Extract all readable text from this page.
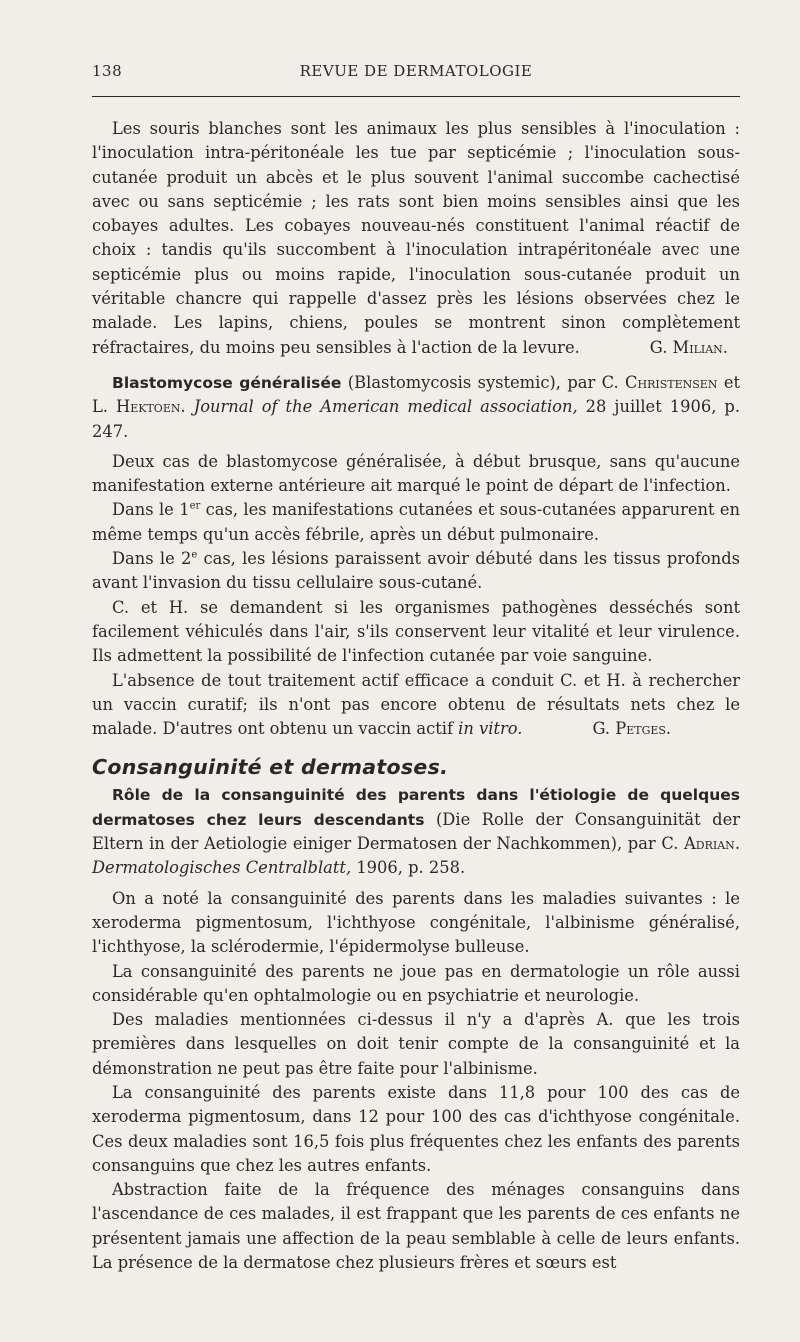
138	REVUE DE DERMATOLOGIE

Les souris blanches sont les animaux les plus sensibles à l'inoculation : l'inoculation intra-péritonéale les tue par septicémie ; l'inoculation sous-cutanée produit un abcès et le plus souvent l'animal succombe cachectisé avec ou sans septicémie ; les rats sont bien moins sensibles ainsi que les cobayes adultes. Les cobayes nouveau-nés constituent l'animal réactif de choix : tandis qu'ils succombent à l'inoculation intrapéritonéale avec une septicémie plus ou moins rapide, l'inoculation sous-cutanée produit un véritable chancre qui rappelle d'assez près les lésions observées chez le malade. Les lapins, chiens, poules se montrent sinon complètement réfractaires, du moins peu sensibles à l'action de la levure.	G. Milian.

Blastomycose généralisée (Blastomycosis systemic), par C. Christensen et L. Hektoen. Journal of the American medical association, 28 juillet 1906, p. 247.

Deux cas de blastomycose généralisée, à début brusque, sans qu'aucune manifestation externe antérieure ait marqué le point de départ de l'infection.

Dans le 1er cas, les manifestations cutanées et sous-cutanées apparurent en même temps qu'un accès fébrile, après un début pulmonaire.

Dans le 2e cas, les lésions paraissent avoir débuté dans les tissus profonds avant l'invasion du tissu cellulaire sous-cutané.

C. et H. se demandent si les organismes pathogènes desséchés sont facilement véhiculés dans l'air, s'ils conservent leur vitalité et leur virulence. Ils admettent la possibilité de l'infection cutanée par voie sanguine.

L'absence de tout traitement actif efficace a conduit C. et H. à rechercher un vaccin curatif; ils n'ont pas encore obtenu de résultats nets chez le malade. D'autres ont obtenu un vaccin actif in vitro.	G. Petges.

Consanguinité et dermatoses.

Rôle de la consanguinité des parents dans l'étiologie de quelques dermatoses chez leurs descendants (Die Rolle der Consanguinität der Eltern in der Aetiologie einiger Dermatosen der Nachkommen), par C. Adrian. Dermatologisches Centralblatt, 1906, p. 258.

On a noté la consanguinité des parents dans les maladies suivantes : le xeroderma pigmentosum, l'ichthyose congénitale, l'albinisme généralisé, l'ichthyose, la sclérodermie, l'épidermolyse bulleuse.

La consanguinité des parents ne joue pas en dermatologie un rôle aussi considérable qu'en ophtalmologie ou en psychiatrie et neurologie.

Des maladies mentionnées ci-dessus il n'y a d'après A. que les trois premières dans lesquelles on doit tenir compte de la consanguinité et la démonstration ne peut pas être faite pour l'albinisme.

La consanguinité des parents existe dans 11,8 pour 100 des cas de xeroderma pigmentosum, dans 12 pour 100 des cas d'ichthyose congénitale. Ces deux maladies sont 16,5 fois plus fréquentes chez les enfants des parents consanguins que chez les autres enfants.

Abstraction faite de la fréquence des ménages consanguins dans l'ascendance de ces malades, il est frappant que les parents de ces enfants ne présentent jamais une affection de la peau semblable à celle de leurs enfants. La présence de la dermatose chez plusieurs frères et sœurs est
